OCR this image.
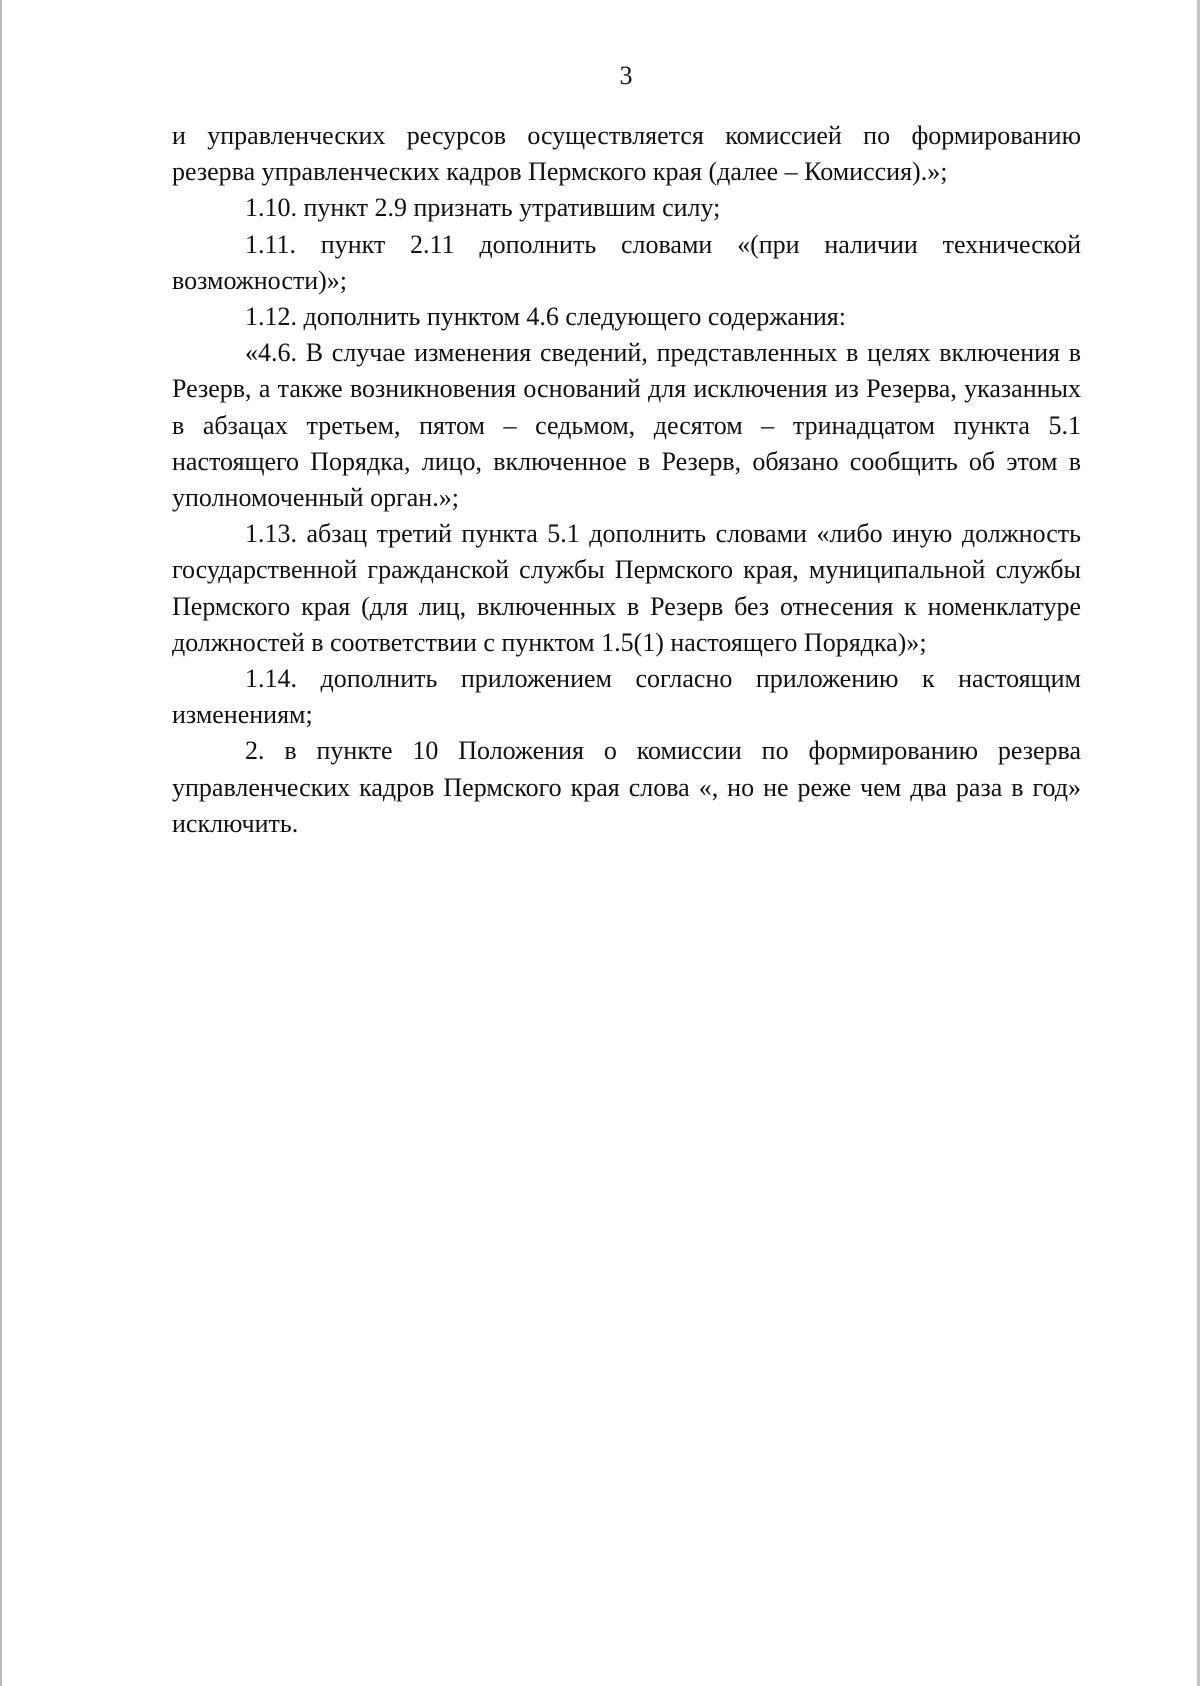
3

и управленческих ресурсов осуществляется комиссией по формированию резерва управленческих кадров Пермского края (далее – Комиссия).»;

1.10. пункт 2.9 признать утратившим силу;

1.11. пункт 2.11 дополнить словами «(при наличии технической возможности)»;

1.12. дополнить пунктом 4.6 следующего содержания:

«4.6. В случае изменения сведений, представленных в целях включения в Резерв, а также возникновения оснований для исключения из Резерва, указанных в абзацах третьем, пятом – седьмом, десятом – тринадцатом пункта 5.1 настоящего Порядка, лицо, включенное в Резерв, обязано сообщить об этом в уполномоченный орган.»;

1.13. абзац третий пункта 5.1 дополнить словами «либо иную должность государственной гражданской службы Пермского края, муниципальной службы Пермского края (для лиц, включенных в Резерв без отнесения к номенклатуре должностей в соответствии с пунктом 1.5(1) настоящего Порядка)»;

1.14. дополнить приложением согласно приложению к настоящим изменениям;

2. в пункте 10 Положения о комиссии по формированию резерва управленческих кадров Пермского края слова «, но не реже чем два раза в год» исключить.
